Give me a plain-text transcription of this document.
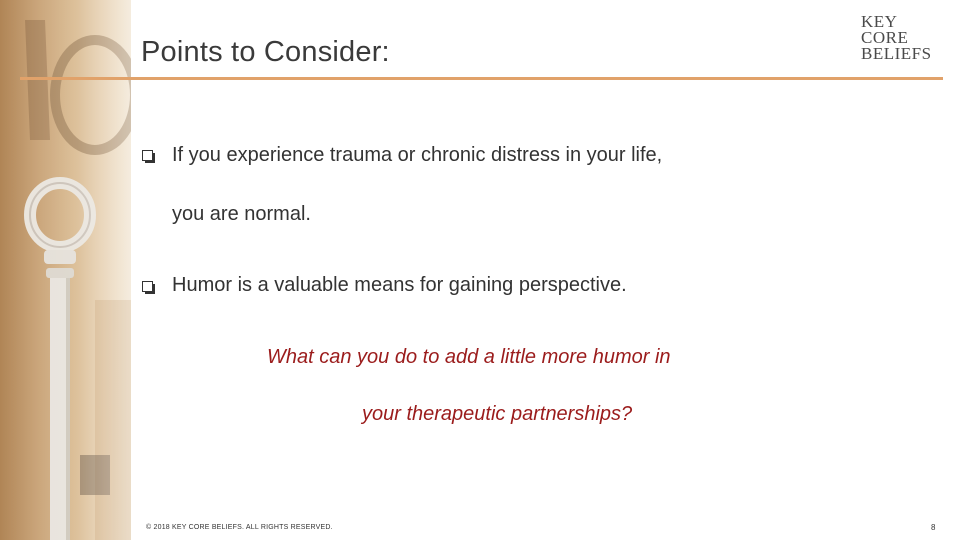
Points to Consider:
KEY
CORE
BELIEFS
If you experience trauma or chronic distress in your life,
you are normal.
Humor is a valuable means for gaining perspective.
What can you do to add a little more humor in
your therapeutic partnerships?
© 2018 KEY CORE BELIEFS. ALL RIGHTS RESERVED.	8
